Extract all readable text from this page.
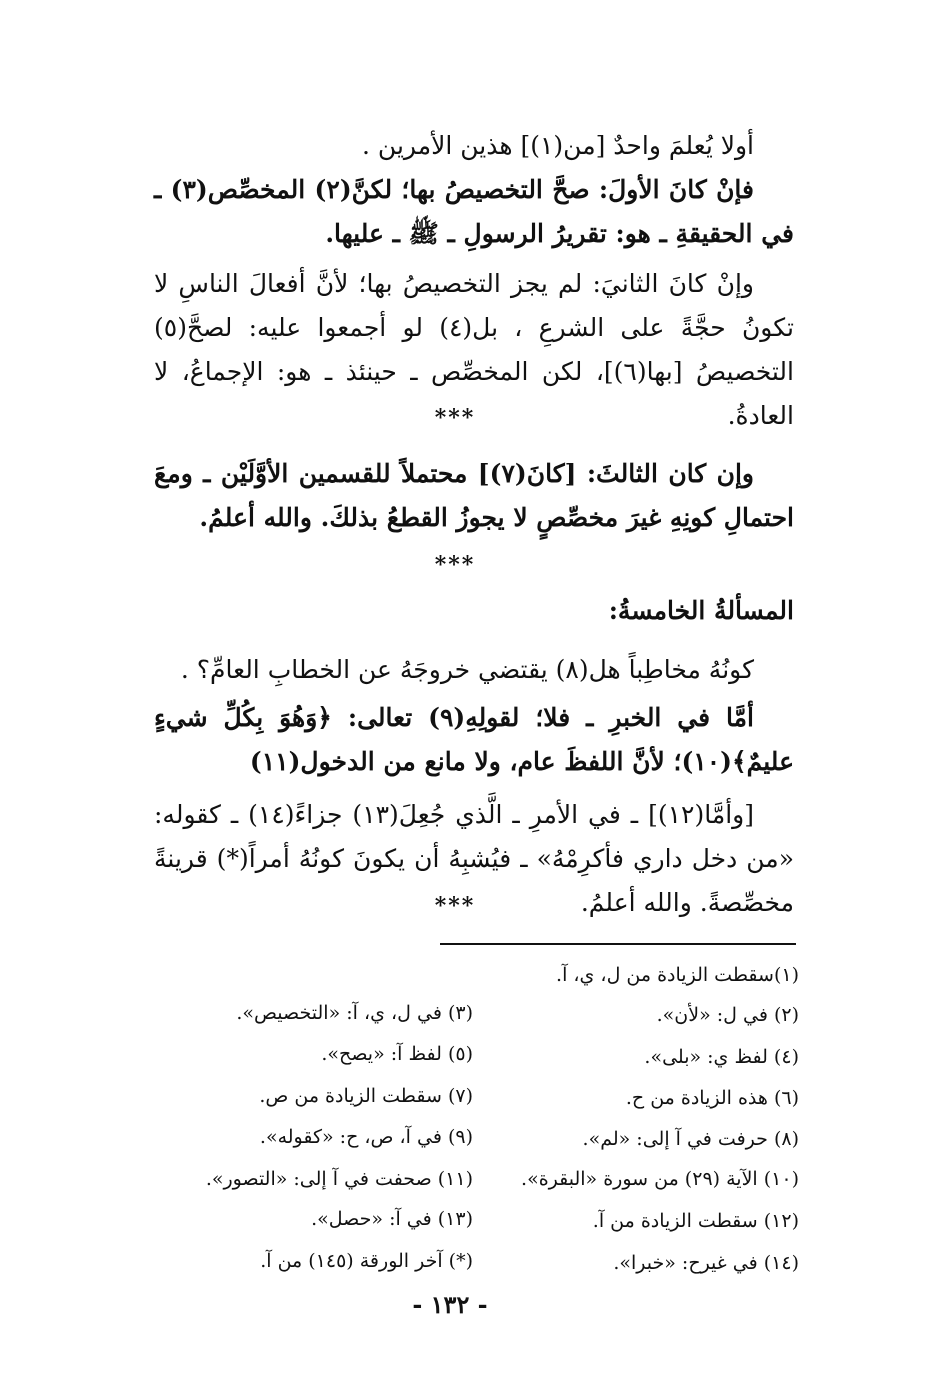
أولا يُعلمَ واحدٌ [من(١)] هذين الأمرين .

فإنْ كانَ الأولَ: صحَّ التخصيصُ بها؛ لكنَّ(٢) المخصِّص(٣) ـ في الحقيقةِ ـ هو: تقريرُ الرسولِ ـ ﷺ ـ عليها.

وإنْ كانَ الثانيَ: لم يجز التخصيصُ بها؛ لأنَّ أفعالَ الناسِ لا تكونُ حجَّةً على الشرعِ ، بل(٤) لو أجمعوا عليه: لصحَّ(٥) التخصيصُ [بها(٦)]، لكن المخصِّص ـ حينئذ ـ هو: الإجماعُ، لا العادةُ.

***

وإن كان الثالثَ: [كانَ(٧)] محتملاً للقسمين الأوَّلَيْن ـ ومعَ احتمالِ كونِهِ غيرَ مخصِّصٍ لا يجوزُ القطعُ بذلكَ. والله أعلمُ.

***
المسألةُ الخامسةُ:

كونُهُ مخاطِباً هل(٨) يقتضي خروجَهُ عن الخطابِ العامِّ؟ .

أمَّا في الخبرِ ـ فلا؛ لقولِهِ(٩) تعالى: ﴿وَهُوَ بِكُلِّ شيءٍ عليمٌ﴾(١٠)؛ لأنَّ اللفظَ عام، ولا مانع من الدخول(١١)

[وأمَّا(١٢)] ـ في الأمرِ ـ الَّذي جُعِلَ(١٣) جزاءً(١٤) ـ كقوله: «من دخل داري فأكرِمْهُ» ـ فيُشبِهُ أن يكونَ كونُهُ أمراً(*) قرينةً مخصِّصةً. والله أعلمُ.

***

(١)سقطت الزيادة من ل، ي، آ.

(٢) في ل: «لأن».

(٣) في ل، ي، آ: «التخصيص».

(٤) لفظ ي: «بلى».

(٥) لفظ آ: «يصح».

(٦) هذه الزيادة من ح.

(٧) سقطت الزيادة من ص.

(٨) حرفت في آ إلى: «لم».

(٩) في آ، ص، ح: «كقوله».

(١٠) الآية (٢٩) من سورة «البقرة».

(١١) صحفت في آ إلى: «التصور».

(١٢) سقطت الزيادة من آ.

(١٣) في آ: «حصل».

(١٤) في غيرح: «خبرا».

(*) آخر الورقة (١٤٥) من آ.

- ١٣٢ -
